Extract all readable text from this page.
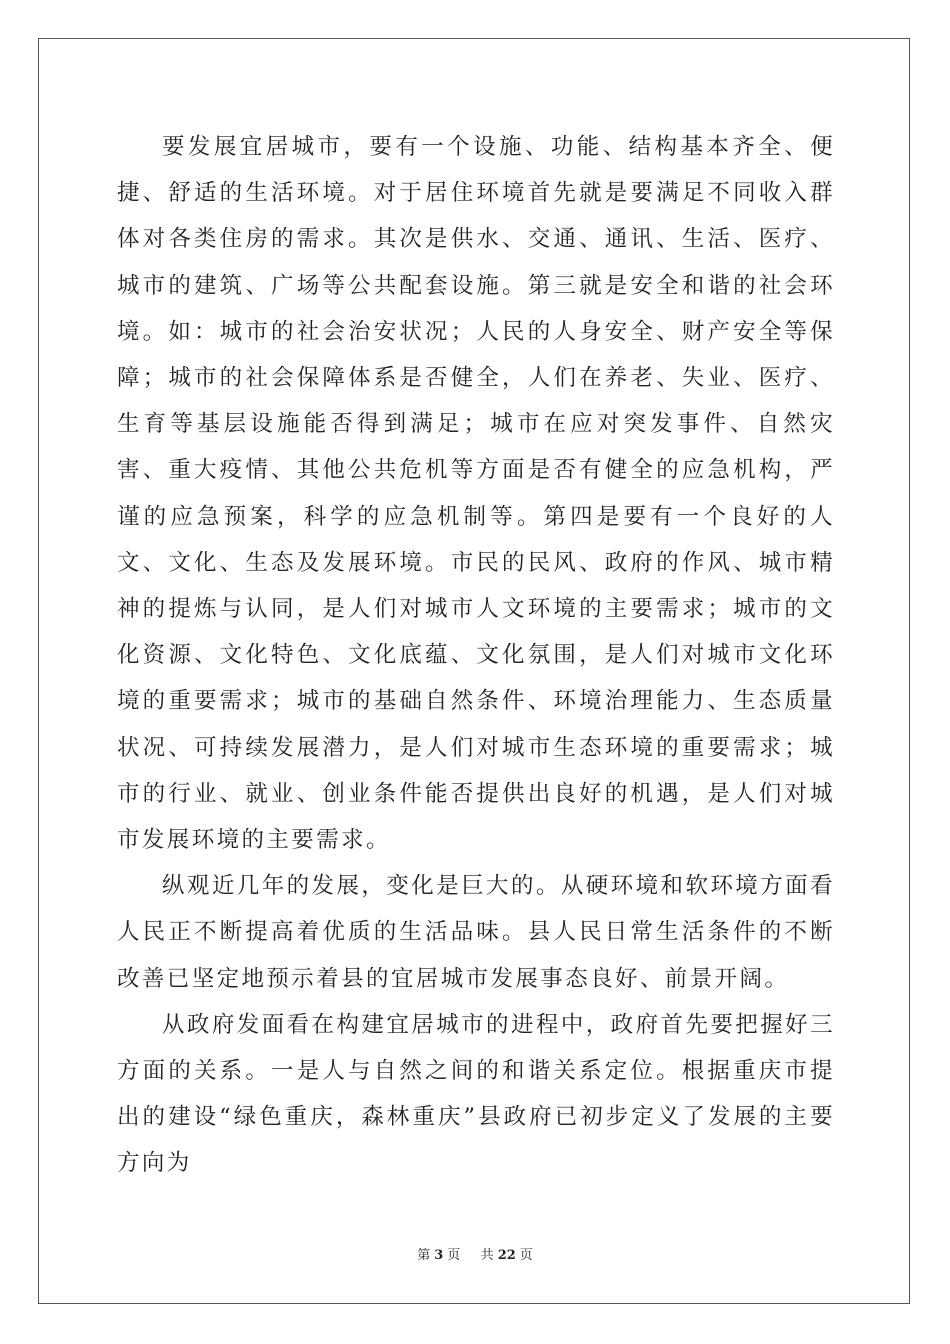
要发展宜居城市，要有一个设施、功能、结构基本齐全、便捷、舒适的生活环境。对于居住环境首先就是要满足不同收入群体对各类住房的需求。其次是供水、交通、通讯、生活、医疗、城市的建筑、广场等公共配套设施。第三就是安全和谐的社会环境。如：城市的社会治安状况；人民的人身安全、财产安全等保障；城市的社会保障体系是否健全，人们在养老、失业、医疗、生育等基层设施能否得到满足；城市在应对突发事件、自然灾害、重大疫情、其他公共危机等方面是否有健全的应急机构，严谨的应急预案，科学的应急机制等。第四是要有一个良好的人文、文化、生态及发展环境。市民的民风、政府的作风、城市精神的提炼与认同，是人们对城市人文环境的主要需求；城市的文化资源、文化特色、文化底蕴、文化氛围，是人们对城市文化环境的重要需求；城市的基础自然条件、环境治理能力、生态质量状况、可持续发展潜力，是人们对城市生态环境的重要需求；城市的行业、就业、创业条件能否提供出良好的机遇，是人们对城市发展环境的主要需求。

纵观近几年的发展，变化是巨大的。从硬环境和软环境方面看人民正不断提高着优质的生活品味。县人民日常生活条件的不断改善已坚定地预示着县的宜居城市发展事态良好、前景开阔。

从政府发面看在构建宜居城市的进程中，政府首先要把握好三方面的关系。一是人与自然之间的和谐关系定位。根据重庆市提出的建设“绿色重庆，森林重庆”县政府已初步定义了发展的主要方向为

第 3 页 共 22 页
